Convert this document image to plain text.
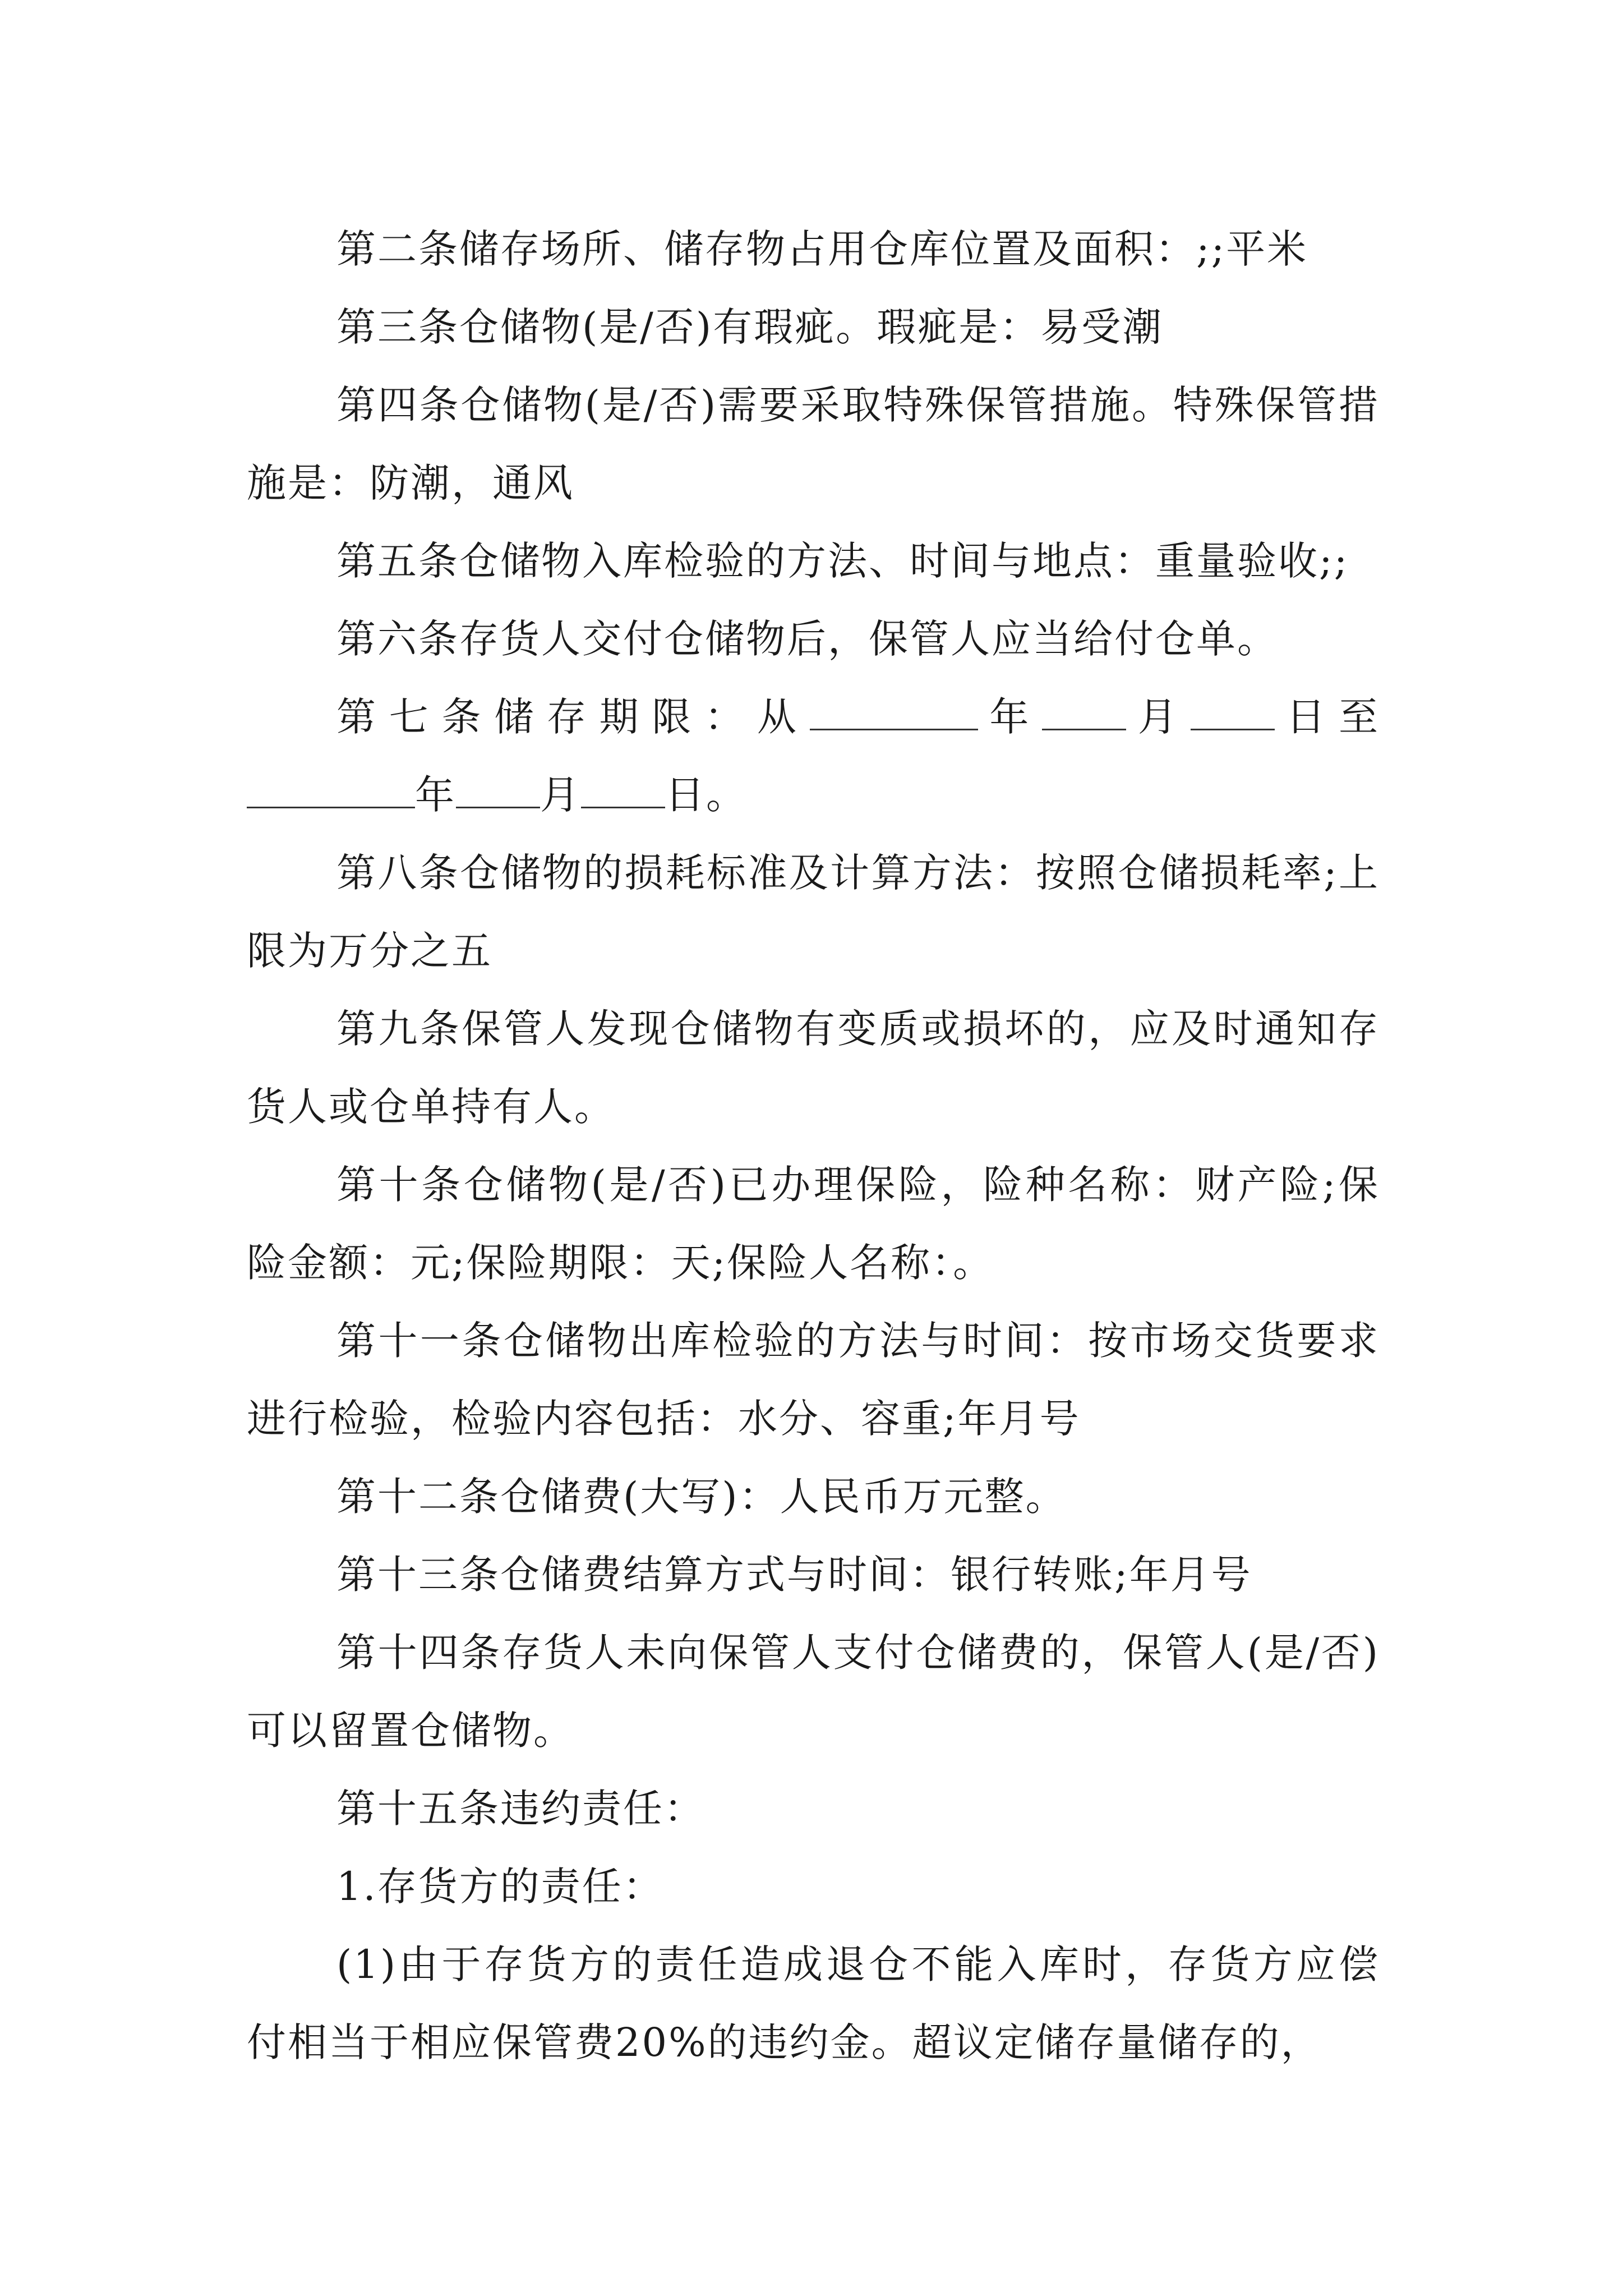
第二条储存场所、储存物占用仓库位置及面积：;;平米

第三条仓储物(是/否)有瑕疵。瑕疵是：易受潮

第四条仓储物(是/否)需要采取特殊保管措施。特殊保管措施是：防潮，通风

第五条仓储物入库检验的方法、时间与地点：重量验收;;

第六条存货人交付仓储物后，保管人应当给付仓单。

第七条储存期限：从	年 月 日至

年 月 日。

第八条仓储物的损耗标准及计算方法：按照仓储损耗率;上限为万分之五

第九条保管人发现仓储物有变质或损坏的，应及时通知存货人或仓单持有人。

第十条仓储物(是/否)已办理保险，险种名称：财产险;保险金额：元;保险期限：天;保险人名称：。

第十一条仓储物出库检验的方法与时间：按市场交货要求进行检验，检验内容包括：水分、容重;年月号

第十二条仓储费(大写)：人民币万元整。

第十三条仓储费结算方式与时间：银行转账;年月号

第十四条存货人未向保管人支付仓储费的，保管人(是/否)可以留置仓储物。

第十五条违约责任：

1.存货方的责任：

(1)由于存货方的责任造成退仓不能入库时，存货方应偿付相当于相应保管费20%的违约金。超议定储存量储存的，
